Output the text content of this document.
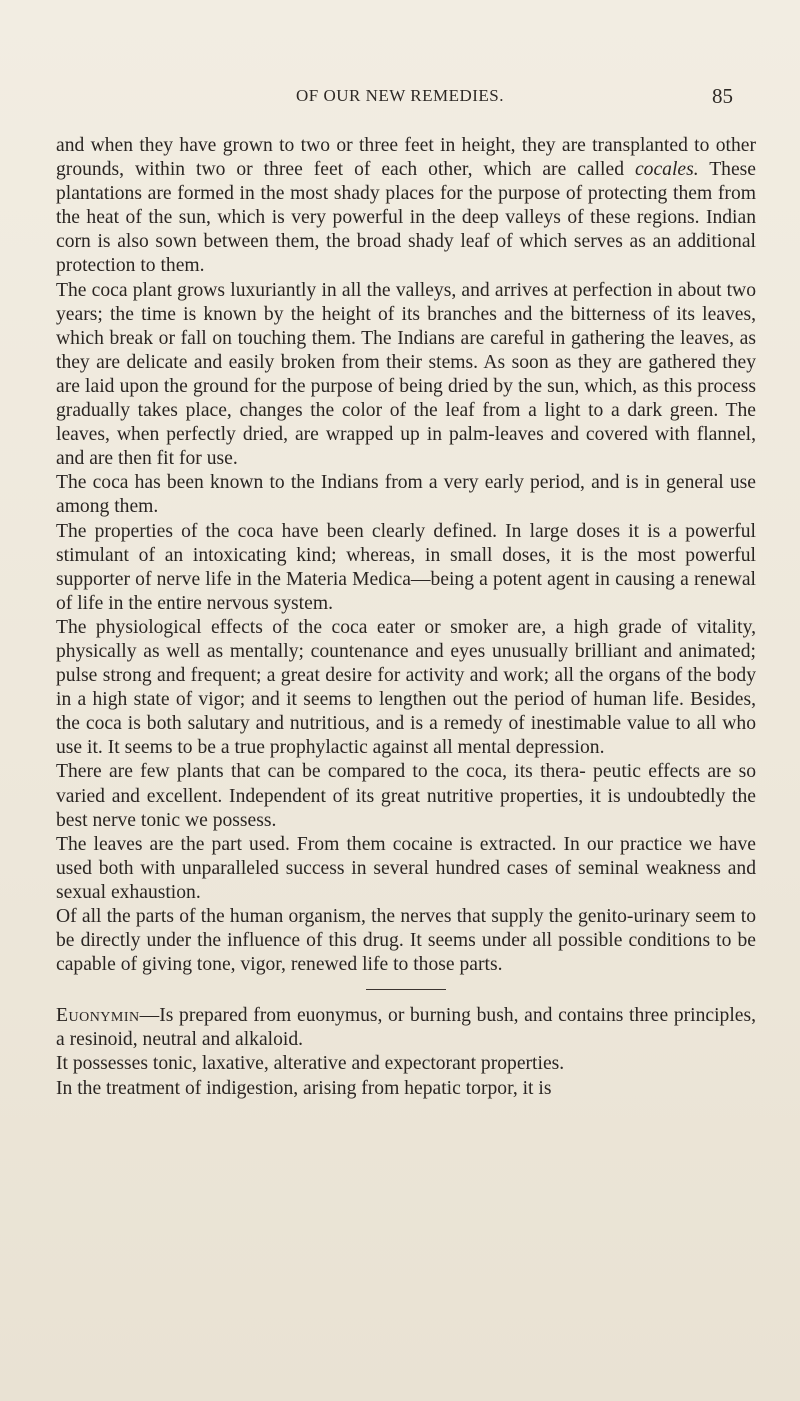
OF OUR NEW REMEDIES.	85

and when they have grown to two or three feet in height, they are transplanted to other grounds, within two or three feet of each other, which are called cocales. These plantations are formed in the most shady places for the purpose of protecting them from the heat of the sun, which is very powerful in the deep valleys of these regions. Indian corn is also sown between them, the broad shady leaf of which serves as an additional protection to them.

The coca plant grows luxuriantly in all the valleys, and arrives at perfection in about two years; the time is known by the height of its branches and the bitterness of its leaves, which break or fall on touching them. The Indians are careful in gathering the leaves, as they are delicate and easily broken from their stems. As soon as they are gathered they are laid upon the ground for the purpose of being dried by the sun, which, as this process gradually takes place, changes the color of the leaf from a light to a dark green. The leaves, when perfectly dried, are wrapped up in palm-leaves and covered with flannel, and are then fit for use.

The coca has been known to the Indians from a very early period, and is in general use among them.

The properties of the coca have been clearly defined. In large doses it is a powerful stimulant of an intoxicating kind; whereas, in small doses, it is the most powerful supporter of nerve life in the Materia Medica—being a potent agent in causing a renewal of life in the entire nervous system.

The physiological effects of the coca eater or smoker are, a high grade of vitality, physically as well as mentally; countenance and eyes unusually brilliant and animated; pulse strong and frequent; a great desire for activity and work; all the organs of the body in a high state of vigor; and it seems to lengthen out the period of human life. Besides, the coca is both salutary and nutritious, and is a remedy of inestimable value to all who use it. It seems to be a true prophylactic against all mental depression.

There are few plants that can be compared to the coca, its thera- peutic effects are so varied and excellent. Independent of its great nutritive properties, it is undoubtedly the best nerve tonic we possess.

The leaves are the part used. From them cocaine is extracted. In our practice we have used both with unparalleled success in several hundred cases of seminal weakness and sexual exhaustion.

Of all the parts of the human organism, the nerves that supply the genito-urinary seem to be directly under the influence of this drug. It seems under all possible conditions to be capable of giving tone, vigor, renewed life to those parts.

Euonymin—Is prepared from euonymus, or burning bush, and contains three principles, a resinoid, neutral and alkaloid.

It possesses tonic, laxative, alterative and expectorant properties.

In the treatment of indigestion, arising from hepatic torpor, it is
